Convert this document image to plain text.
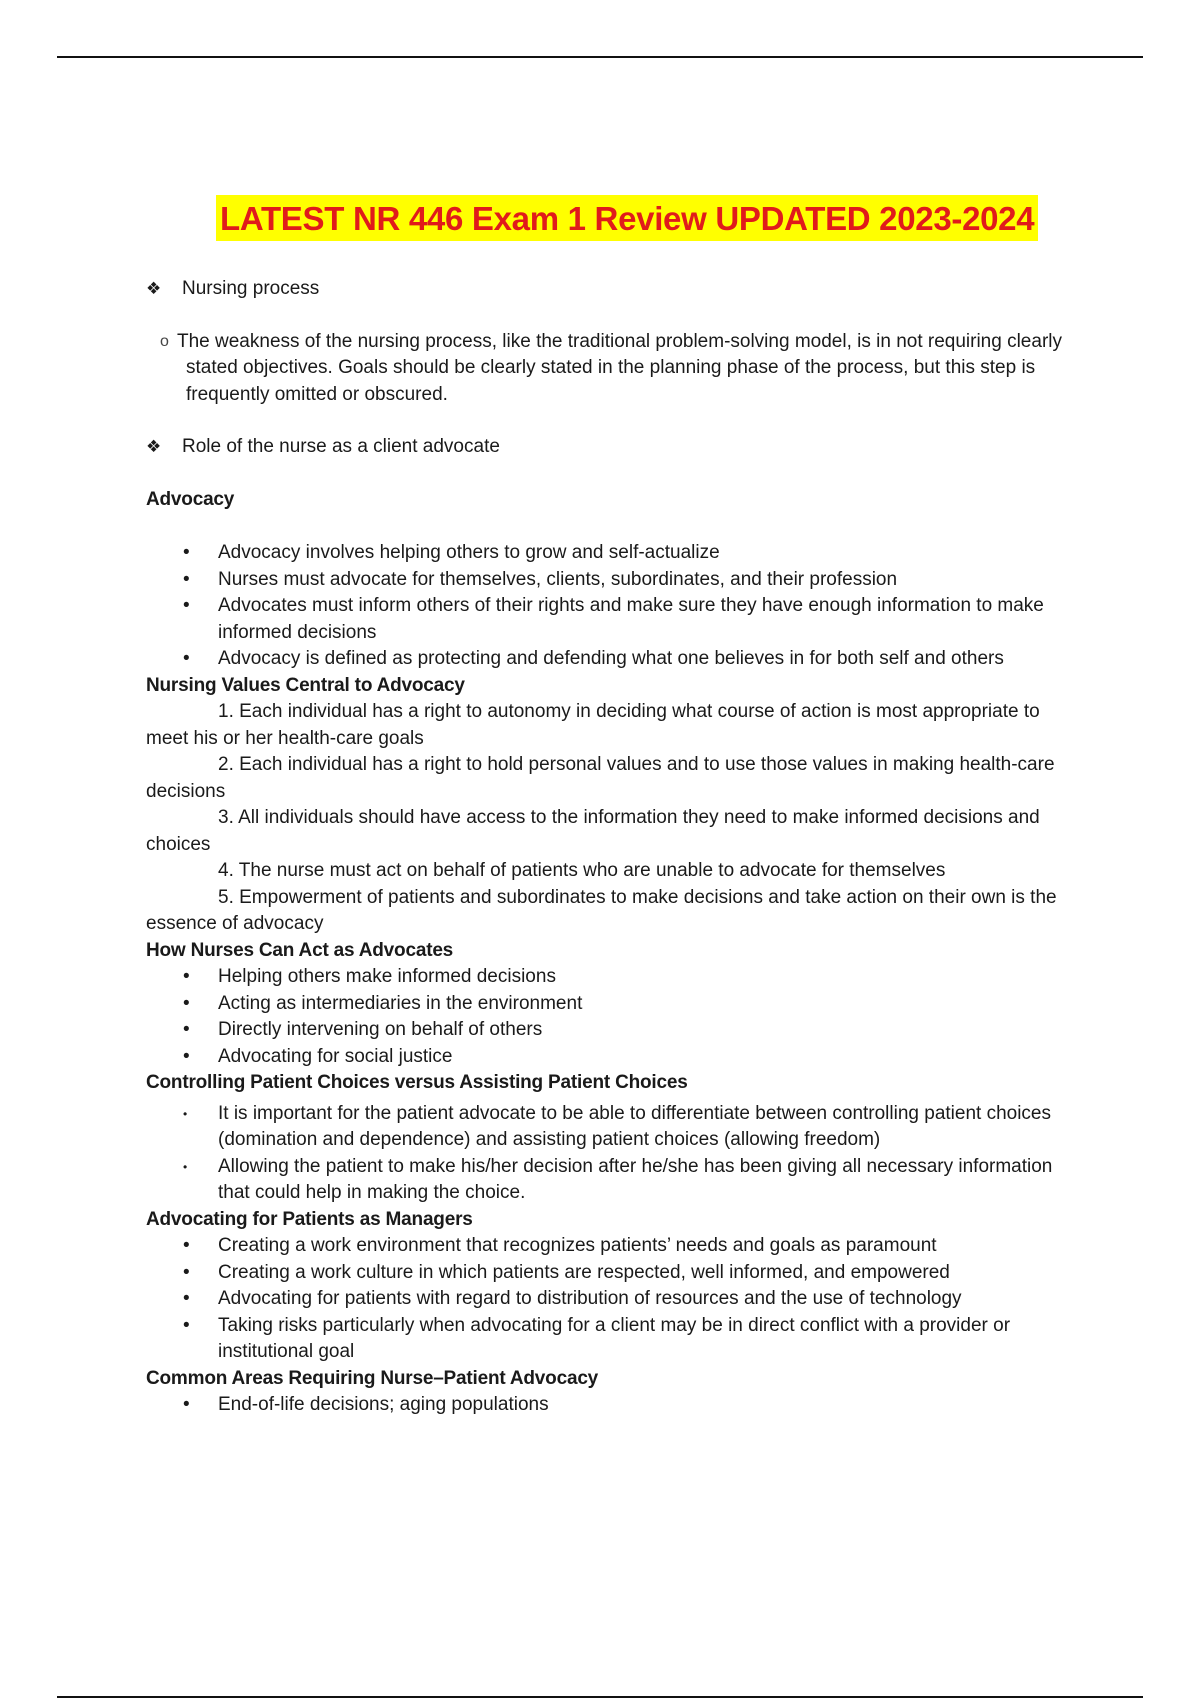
LATEST NR 446 Exam 1 Review UPDATED 2023-2024
❖ Nursing process
o The weakness of the nursing process, like the traditional problem-solving model, is in not requiring clearly stated objectives. Goals should be clearly stated in the planning phase of the process, but this step is frequently omitted or obscured.
❖ Role of the nurse as a client advocate
Advocacy
• Advocacy involves helping others to grow and self-actualize
• Nurses must advocate for themselves, clients, subordinates, and their profession
• Advocates must inform others of their rights and make sure they have enough information to make informed decisions
• Advocacy is defined as protecting and defending what one believes in for both self and others
Nursing Values Central to Advocacy

1. Each individual has a right to autonomy in deciding what course of action is most appropriate to meet his or her health-care goals

2. Each individual has a right to hold personal values and to use those values in making health-care decisions

3. All individuals should have access to the information they need to make informed decisions and choices

4. The nurse must act on behalf of patients who are unable to advocate for themselves

5. Empowerment of patients and subordinates to make decisions and take action on their own is the essence of advocacy

How Nurses Can Act as Advocates
• Helping others make informed decisions
• Acting as intermediaries in the environment
• Directly intervening on behalf of others
• Advocating for social justice
Controlling Patient Choices versus Assisting Patient Choices
• It is important for the patient advocate to be able to differentiate between controlling patient choices (domination and dependence) and assisting patient choices (allowing freedom)
• Allowing the patient to make his/her decision after he/she has been giving all necessary information that could help in making the choice.
Advocating for Patients as Managers
• Creating a work environment that recognizes patients’ needs and goals as paramount
• Creating a work culture in which patients are respected, well informed, and empowered
• Advocating for patients with regard to distribution of resources and the use of technology
• Taking risks particularly when advocating for a client may be in direct conflict with a provider or institutional goal
Common Areas Requiring Nurse–Patient Advocacy
• End-of-life decisions; aging populations
